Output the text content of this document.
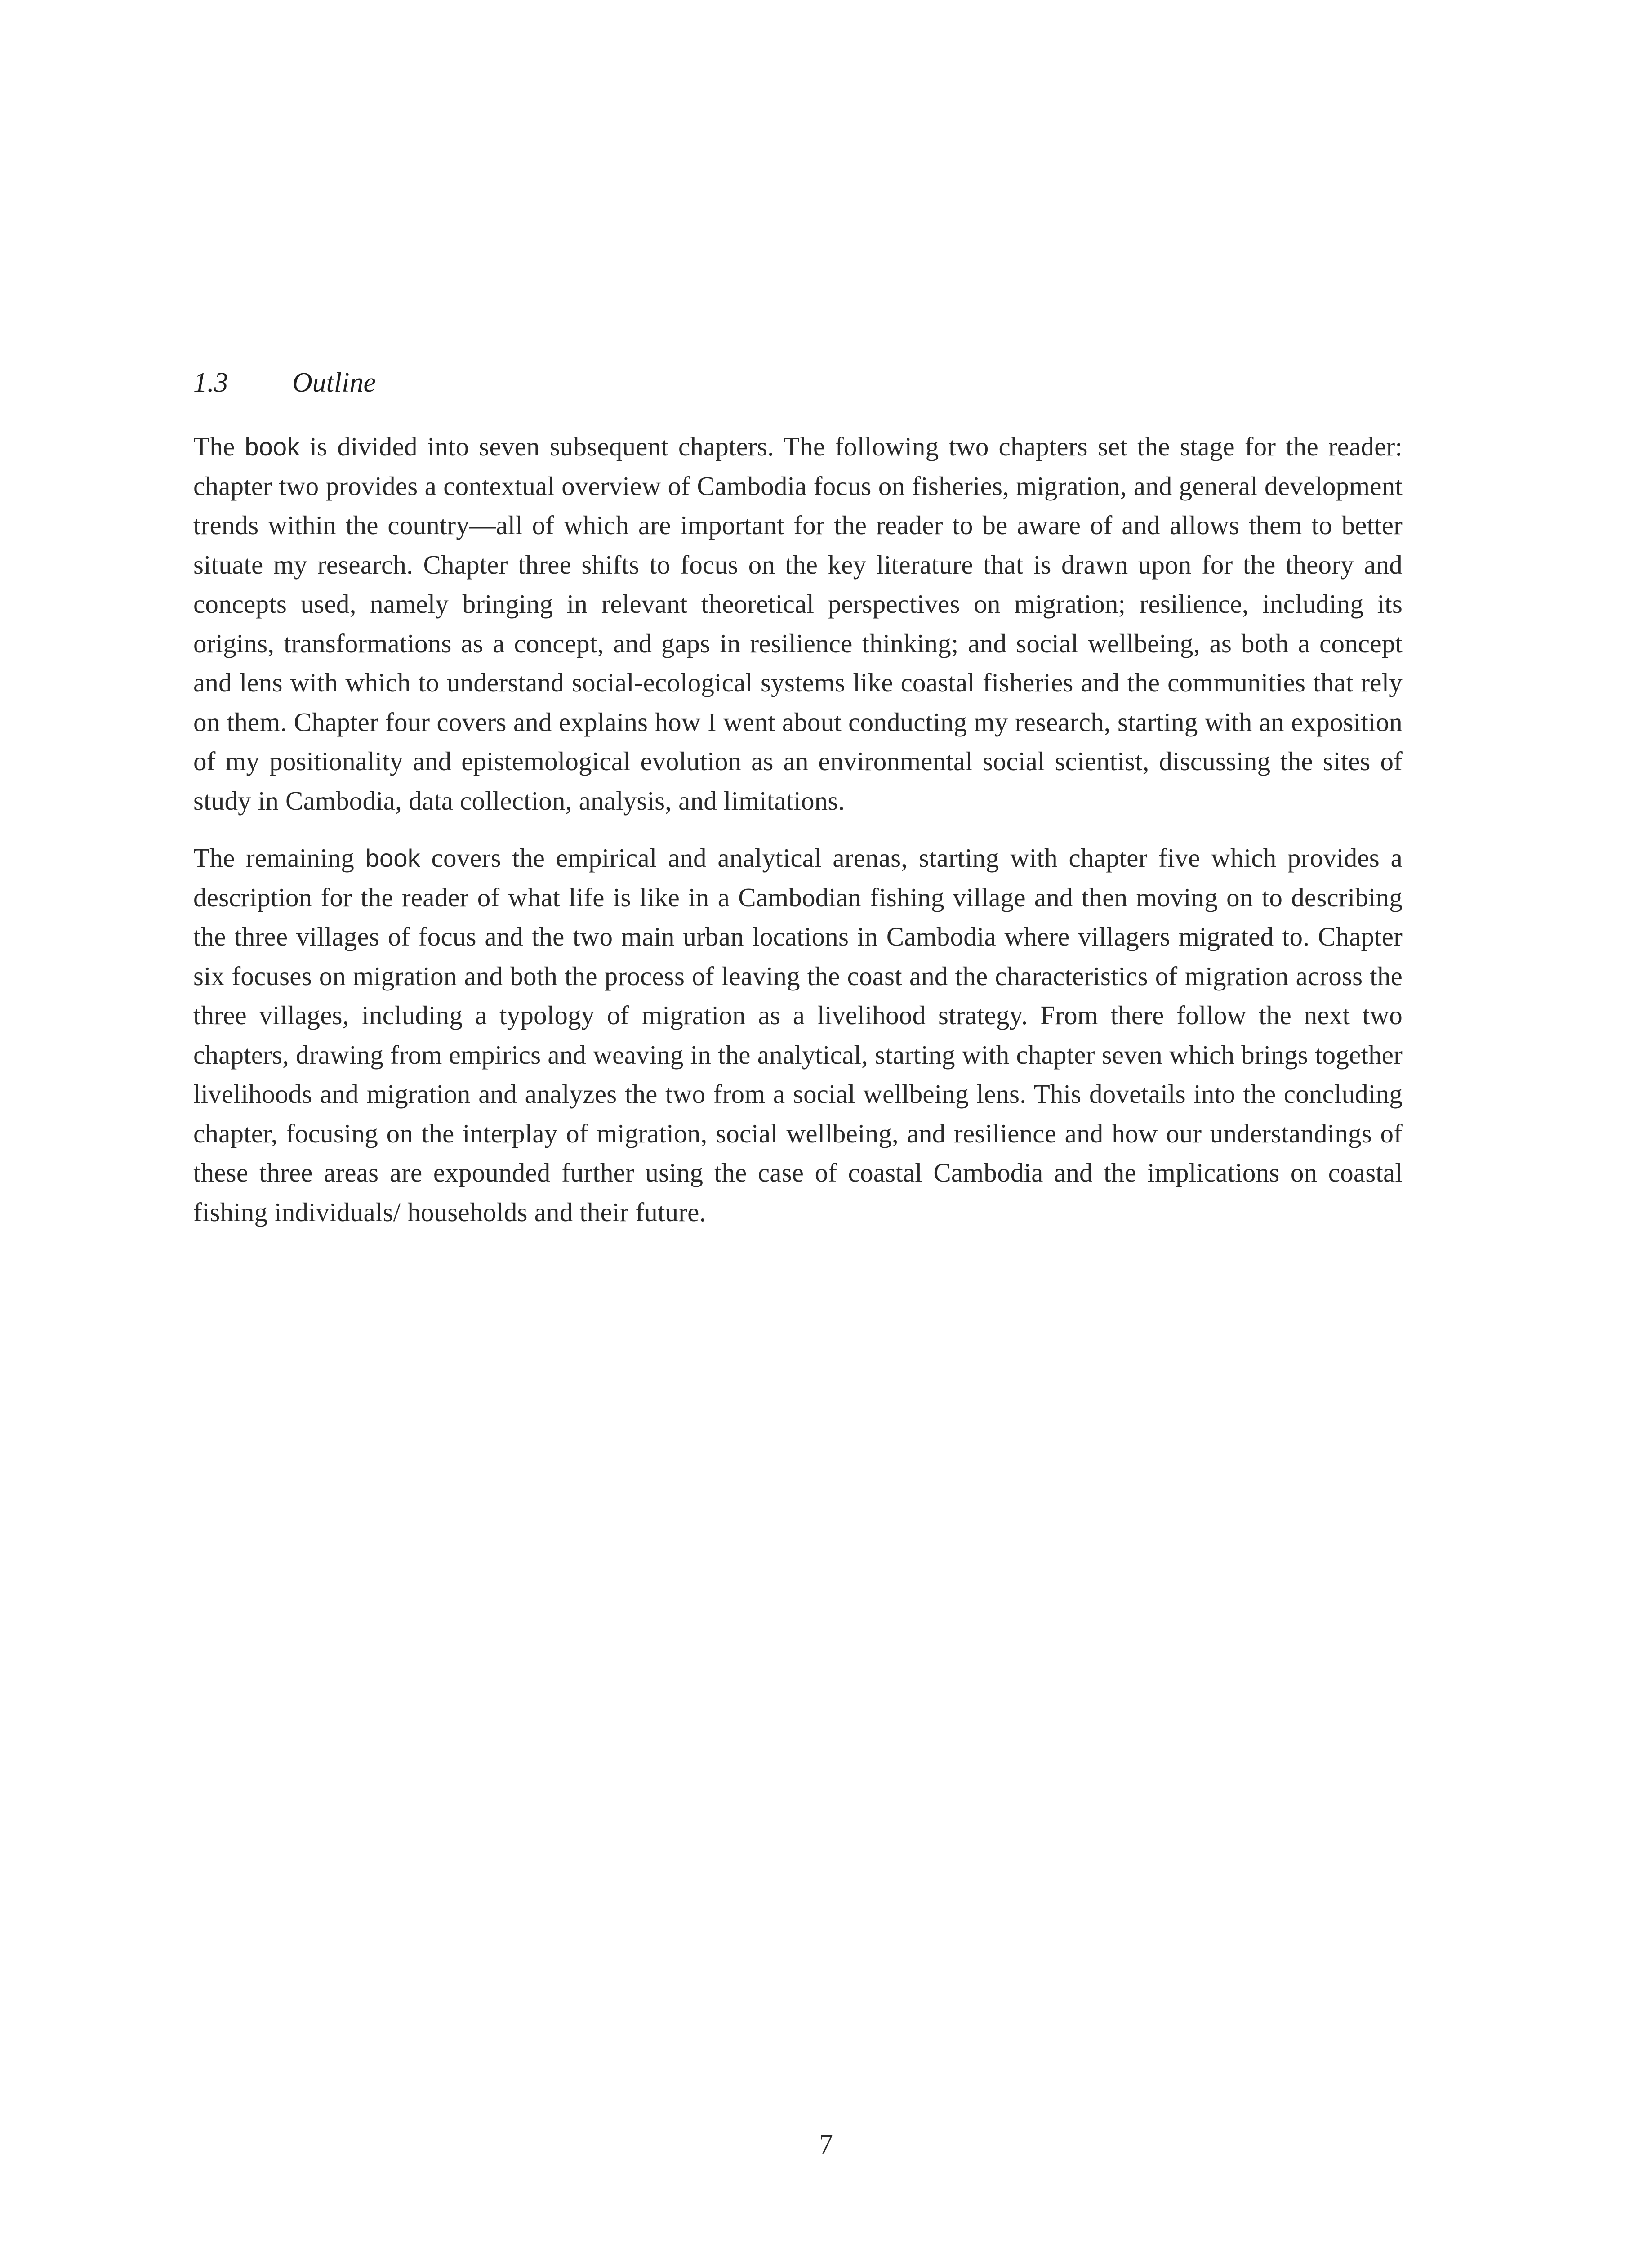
1.3 Outline

The book is divided into seven subsequent chapters. The following two chapters set the stage for the reader: chapter two provides a contextual overview of Cambodia focus on fisheries, migration, and general development trends within the country—all of which are important for the reader to be aware of and allows them to better situate my research. Chapter three shifts to focus on the key literature that is drawn upon for the theory and concepts used, namely bringing in relevant theoretical perspectives on migration; resilience, including its origins, transformations as a concept, and gaps in resilience thinking; and social wellbeing, as both a concept and lens with which to understand social-ecological systems like coastal fisheries and the communities that rely on them. Chapter four covers and explains how I went about conducting my research, starting with an exposition of my positionality and epistemological evolution as an environmental social scientist, discussing the sites of study in Cambodia, data collection, analysis, and limitations.

The remaining book covers the empirical and analytical arenas, starting with chapter five which provides a description for the reader of what life is like in a Cambodian fishing village and then moving on to describing the three villages of focus and the two main urban locations in Cambodia where villagers migrated to. Chapter six focuses on migration and both the process of leaving the coast and the characteristics of migration across the three villages, including a typology of migration as a livelihood strategy. From there follow the next two chapters, drawing from empirics and weaving in the analytical, starting with chapter seven which brings together livelihoods and migration and analyzes the two from a social wellbeing lens. This dovetails into the concluding chapter, focusing on the interplay of migration, social wellbeing, and resilience and how our understandings of these three areas are expounded further using the case of coastal Cambodia and the implications on coastal fishing individuals/ households and their future.

7
